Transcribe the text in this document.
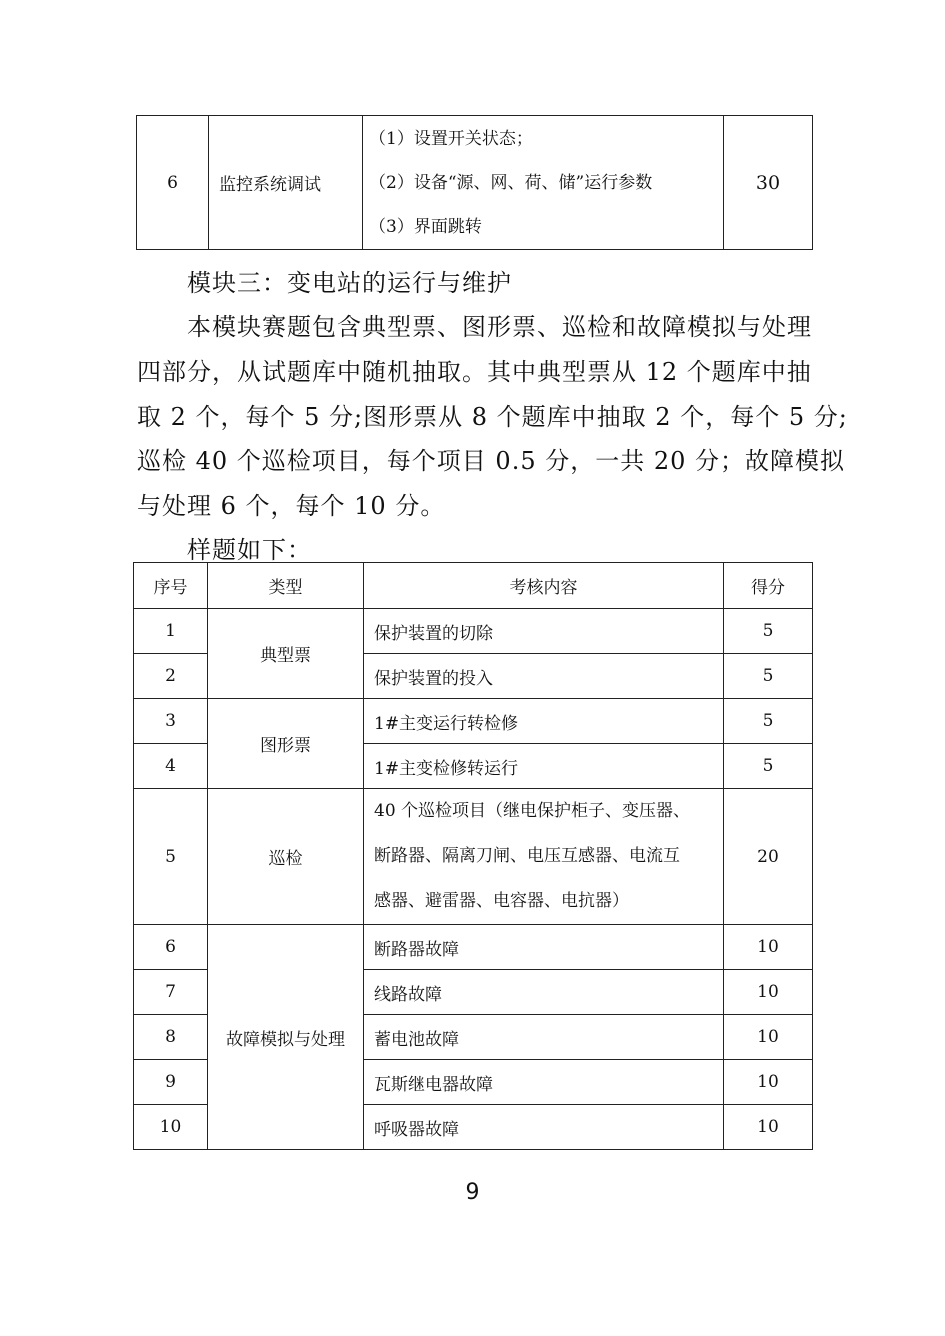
6	监控系统调试	
（1）设置开关状态；
（2）设备“源、网、荷、储”运行参数
（3）界面跳转
	30

模块三：变电站的运行与维护

本模块赛题包含典型票、图形票、巡检和故障模拟与处理

四部分，从试题库中随机抽取。其中典型票从 12 个题库中抽

取 2 个，每个 5 分;图形票从 8 个题库中抽取 2 个，每个 5 分;

巡检 40 个巡检项目，每个项目 0.5 分，一共 20 分；故障模拟

与处理 6 个，每个 10 分。

样题如下：

序号	类型	考核内容	得分
1	典型票	保护装置的切除	5
2		保护装置的投入	5
3	图形票	1#主变运行转检修	5
4		1#主变检修转运行	5
5	巡检	40 个巡检项目（继电保护柜子、变压器、
断路器、隔离刀闸、电压互感器、电流互
感器、避雷器、电容器、电抗器）	20
6	故障模拟与处理	断路器故障	10
7		线路故障	10
8		蓄电池故障	10
9		瓦斯继电器故障	10
10		呼吸器故障	10
9
